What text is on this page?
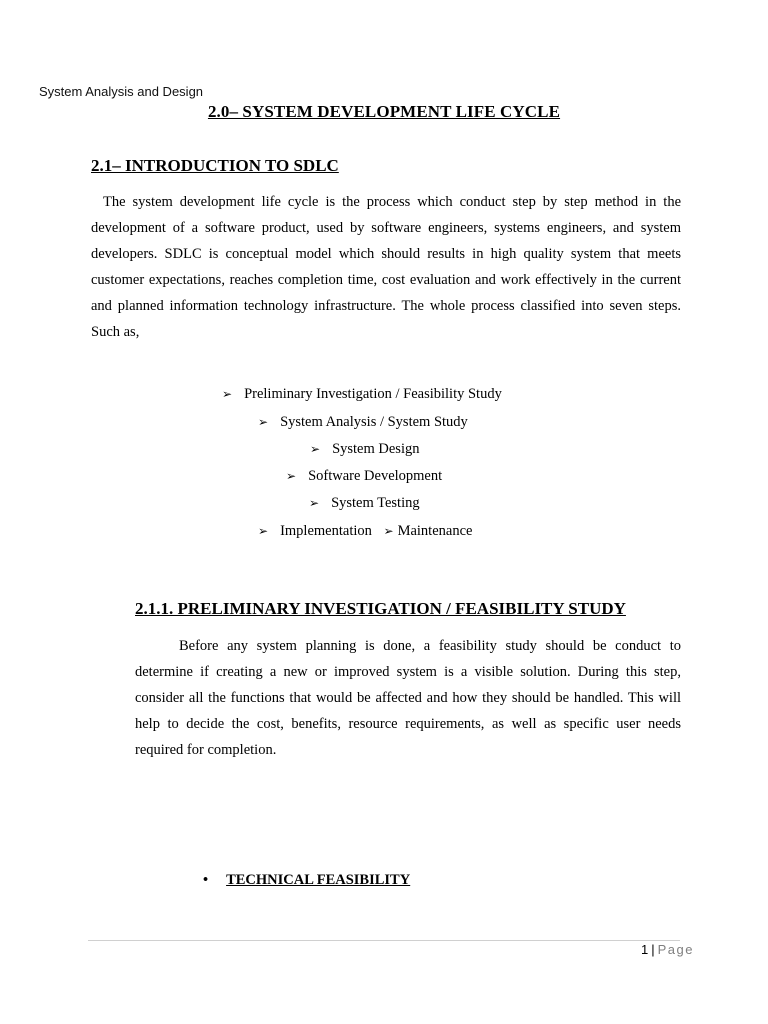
System Analysis and Design
2.0– SYSTEM DEVELOPMENT LIFE CYCLE
2.1– INTRODUCTION TO SDLC

The system development life cycle is the process which conduct step by step method in the development of a software product, used by software engineers, systems engineers, and system developers. SDLC is conceptual model which should results in high quality system that meets customer expectations, reaches completion time, cost evaluation and work effectively in the current and planned information technology infrastructure. The whole process classified into seven steps. Such as,

➢ Preliminary Investigation / Feasibility Study
➢ System Analysis / System Study
➢ System Design
➢ Software Development
➢ System Testing
➢ Implementation ➢ Maintenance
2.1.1. PRELIMINARY INVESTIGATION / FEASIBILITY STUDY

Before any system planning is done, a feasibility study should be conduct to determine if creating a new or improved system is a visible solution. During this step, consider all the functions that would be affected and how they should be handled. This will help to decide the cost, benefits, resource requirements, as well as specific user needs required for completion.

• TECHNICAL FEASIBILITY
1 | Page
